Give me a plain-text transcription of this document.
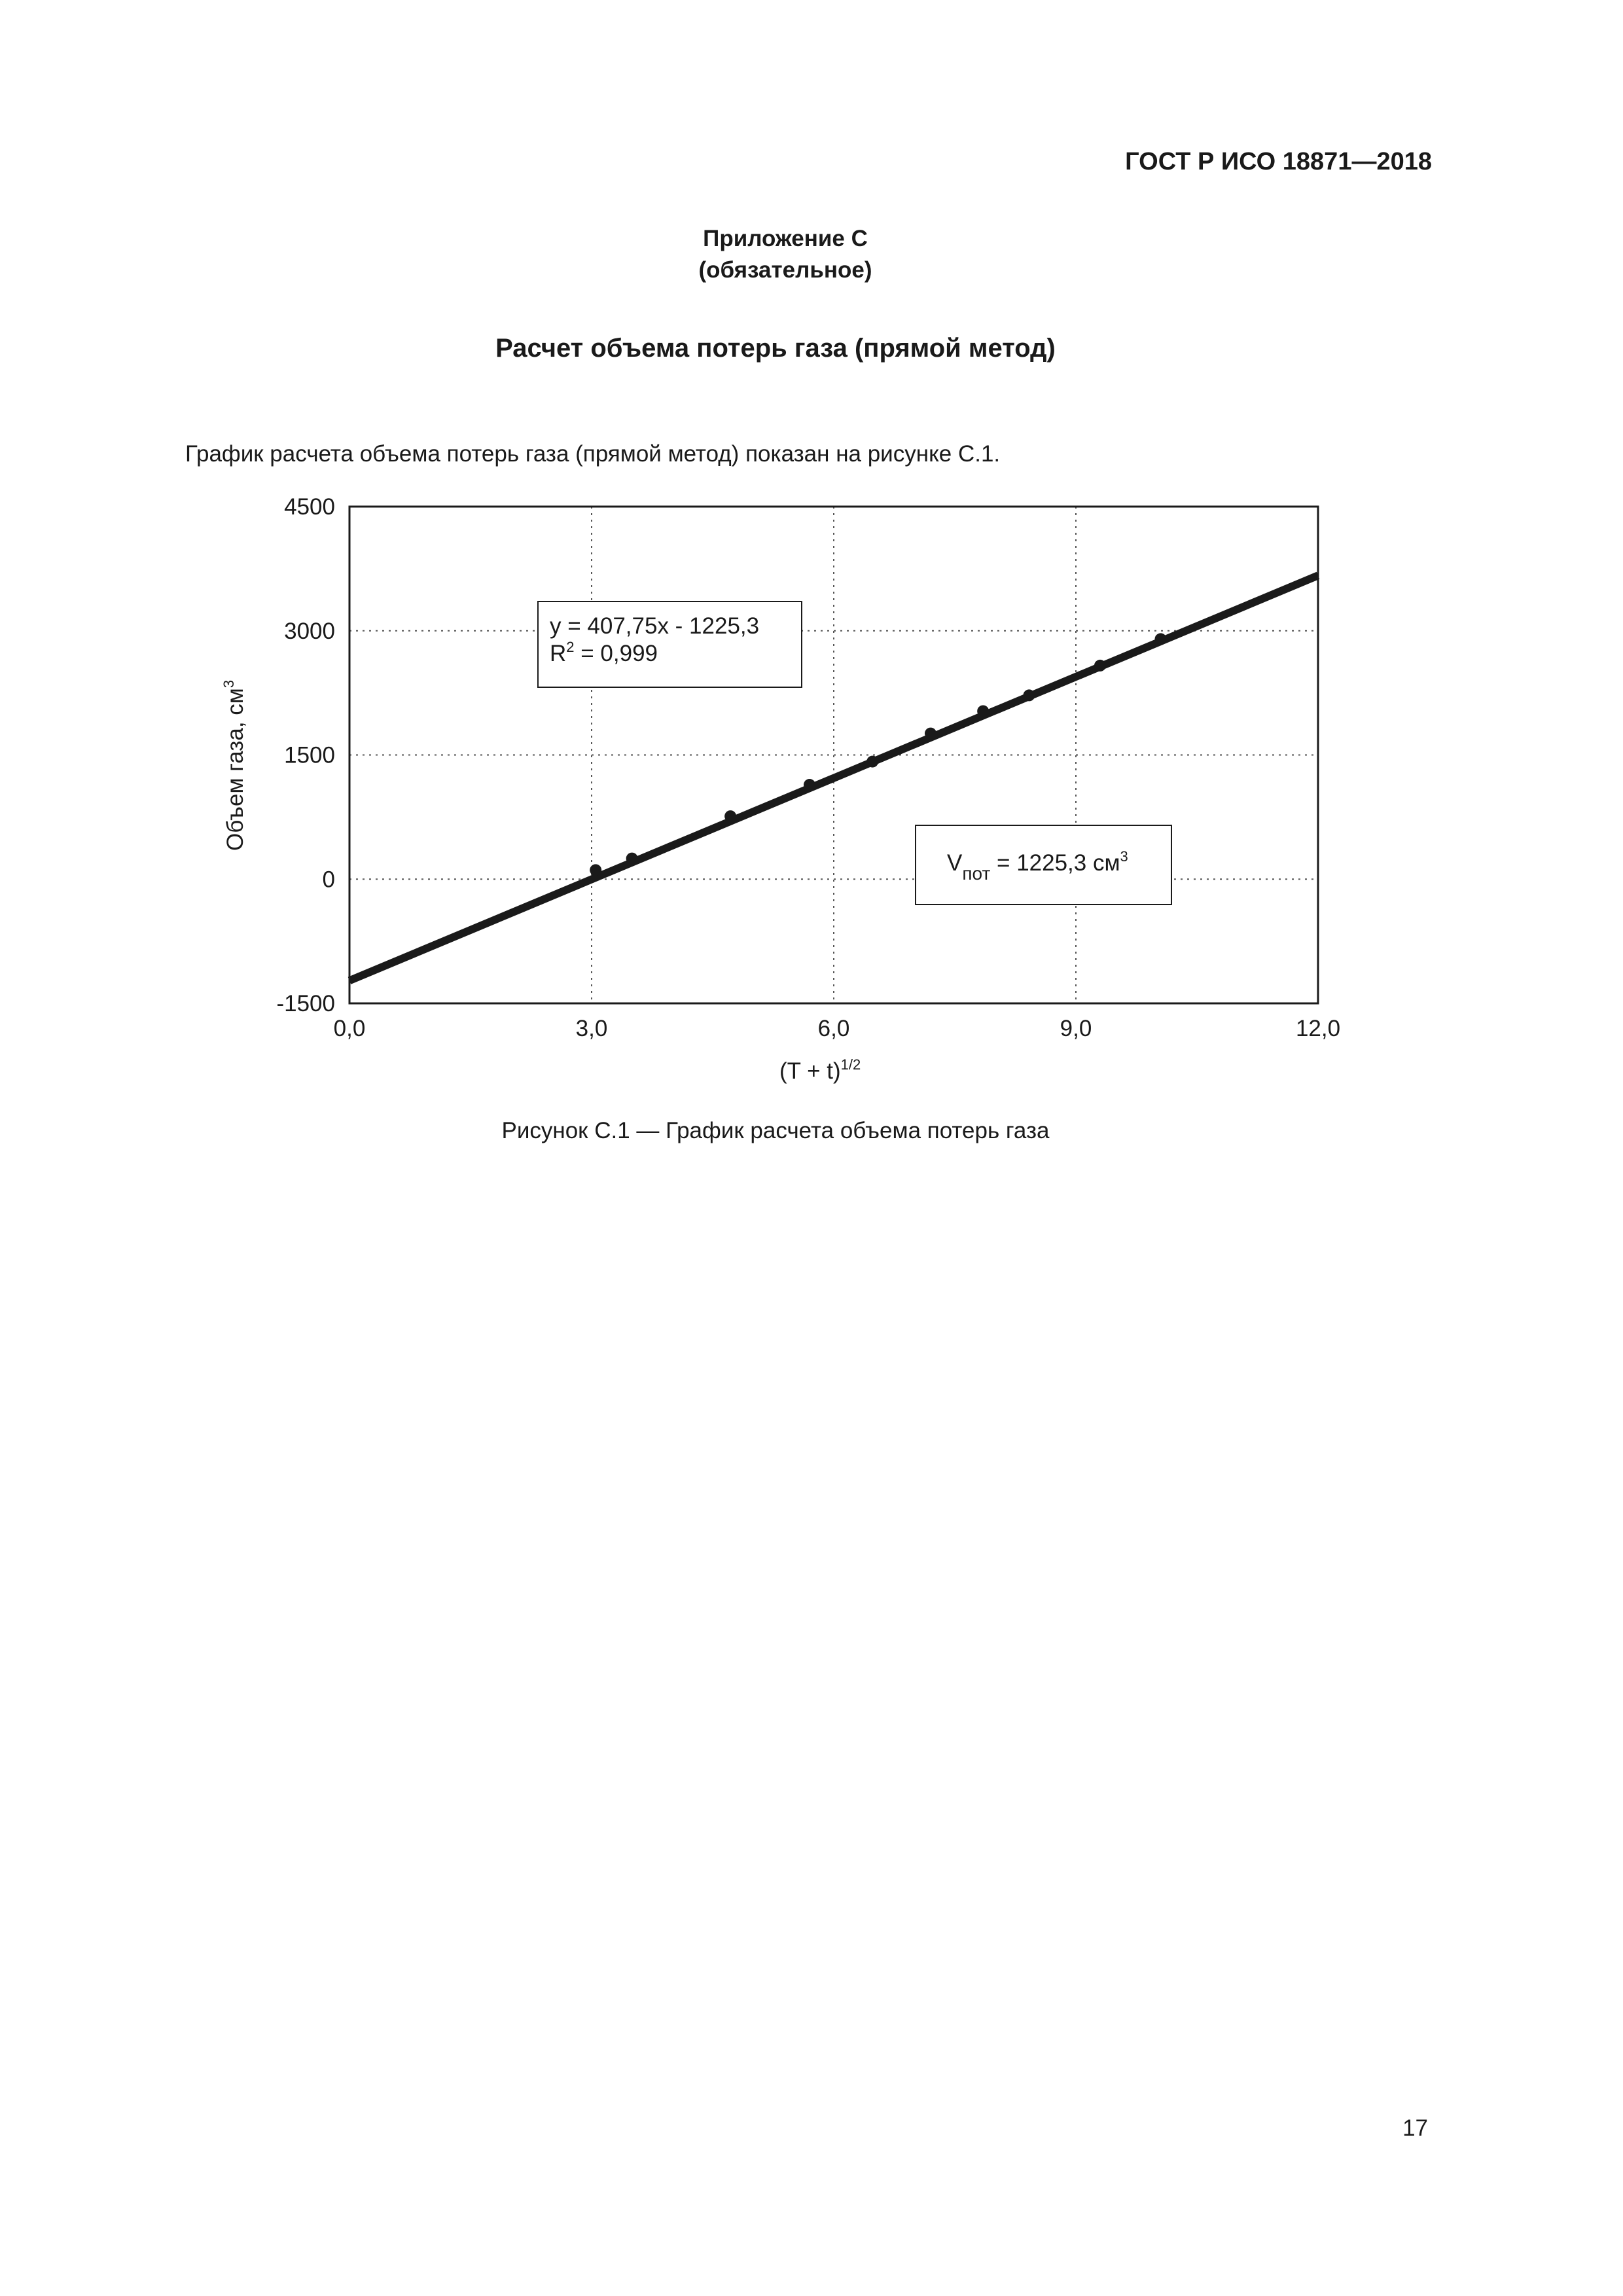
ГОСТ Р ИСО 18871—2018
Приложение С
(обязательное)
Расчет объема потерь газа (прямой метод)
График расчета объема потерь газа (прямой метод) показан на рисунке С.1.
-1500
0
1500
3000
4500
0,0	3,0	6,0	9,0	12,0
y = 407,75x - 1225,3
$R^2 = 0,999$
$V_{пот} = 1225,3$ $см^3$
Объем газа, $см^3$
$(T + t)^{1/2}$
Рисунок С.1 — График расчета объема потерь газа
17
